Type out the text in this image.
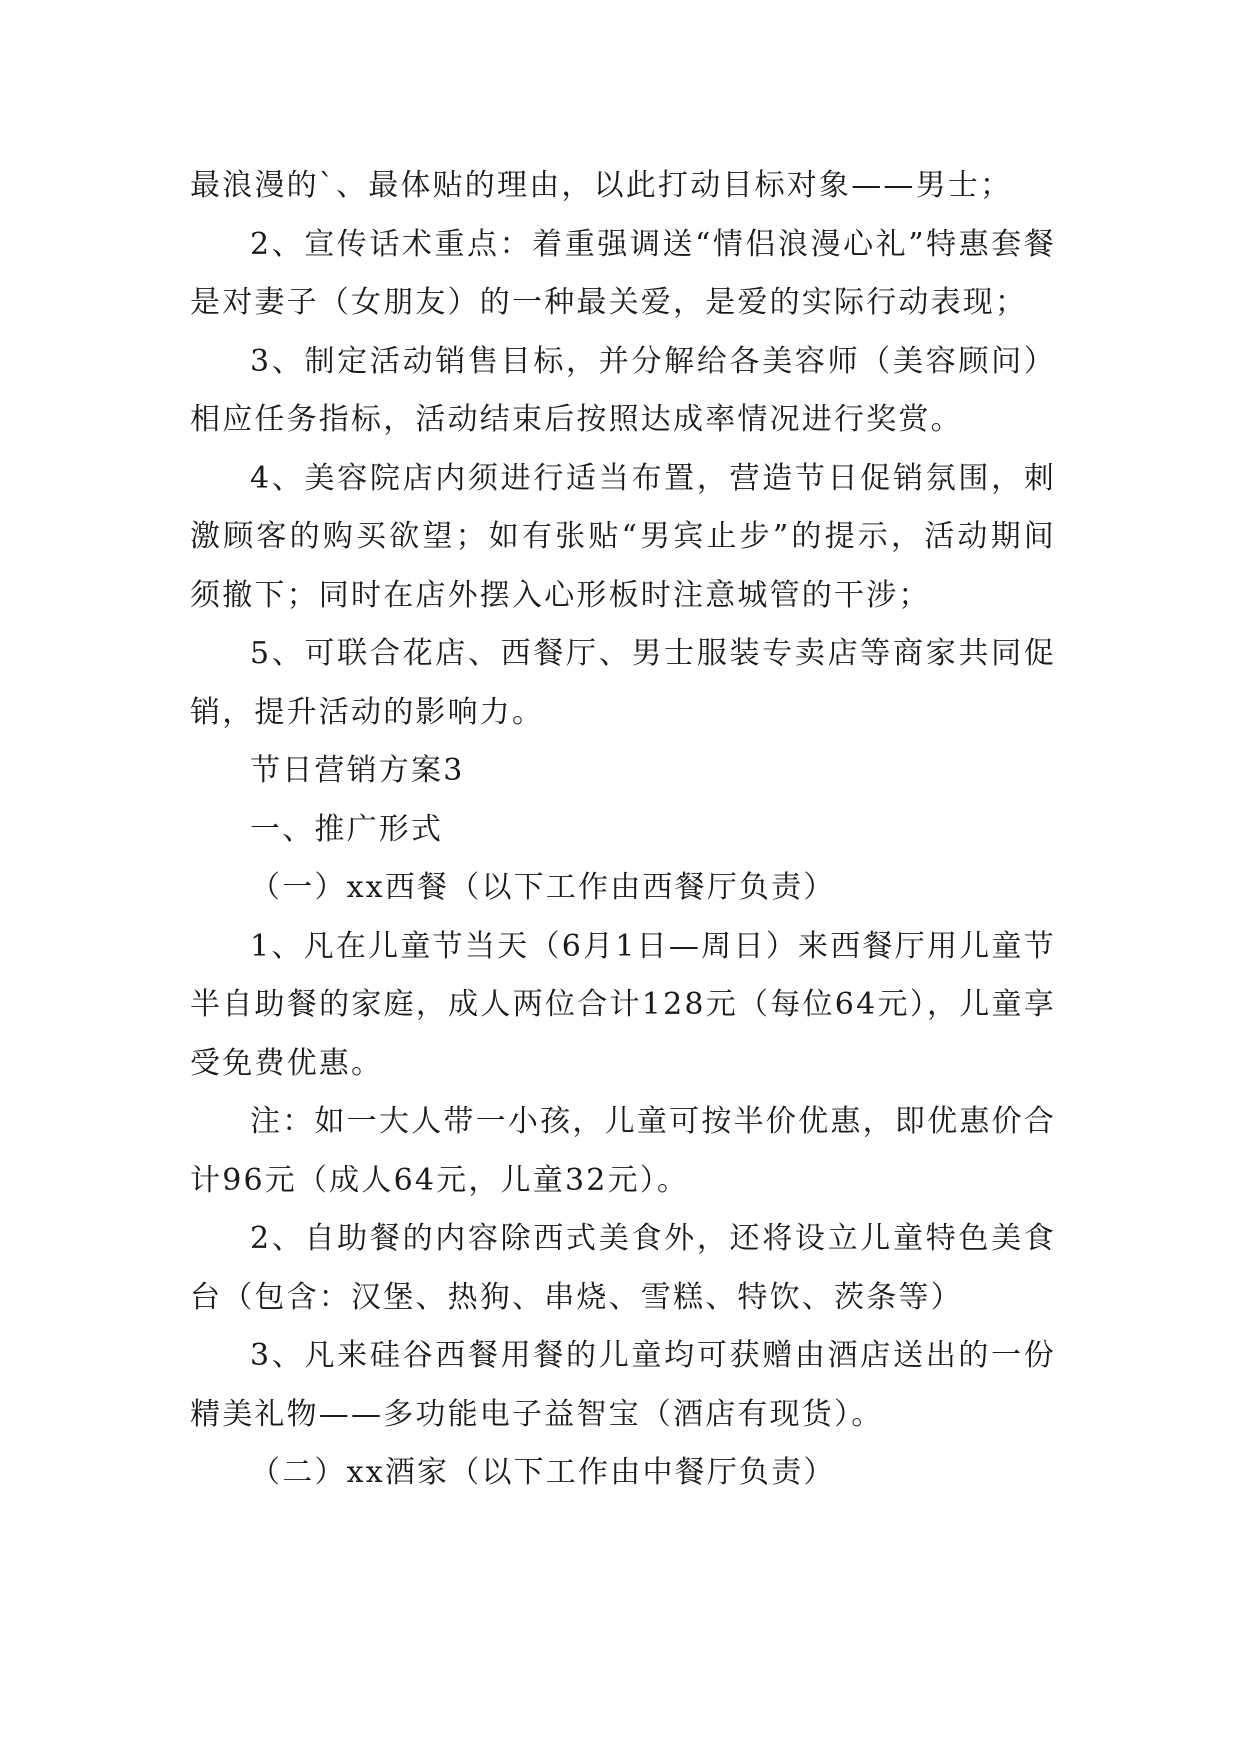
最浪漫的`、最体贴的理由，以此打动目标对象——男士；

2、宣传话术重点：着重强调送“情侣浪漫心礼”特惠套餐是对妻子（女朋友）的一种最关爱，是爱的实际行动表现；

3、制定活动销售目标，并分解给各美容师（美容顾问）相应任务指标，活动结束后按照达成率情况进行奖赏。

4、美容院店内须进行适当布置，营造节日促销氛围，刺激顾客的购买欲望；如有张贴“男宾止步”的提示，活动期间须撤下；同时在店外摆入心形板时注意城管的干涉；

5、可联合花店、西餐厅、男士服装专卖店等商家共同促销，提升活动的影响力。

节日营销方案3

一、推广形式

（一）xx西餐（以下工作由西餐厅负责）

1、凡在儿童节当天（6月1日—周日）来西餐厅用儿童节半自助餐的家庭，成人两位合计128元（每位64元），儿童享受免费优惠。

注：如一大人带一小孩，儿童可按半价优惠，即优惠价合计96元（成人64元，儿童32元）。

2、自助餐的内容除西式美食外，还将设立儿童特色美食台（包含：汉堡、热狗、串烧、雪糕、特饮、茨条等）

3、凡来硅谷西餐用餐的儿童均可获赠由酒店送出的一份精美礼物——多功能电子益智宝（酒店有现货）。

（二）xx酒家（以下工作由中餐厅负责）
